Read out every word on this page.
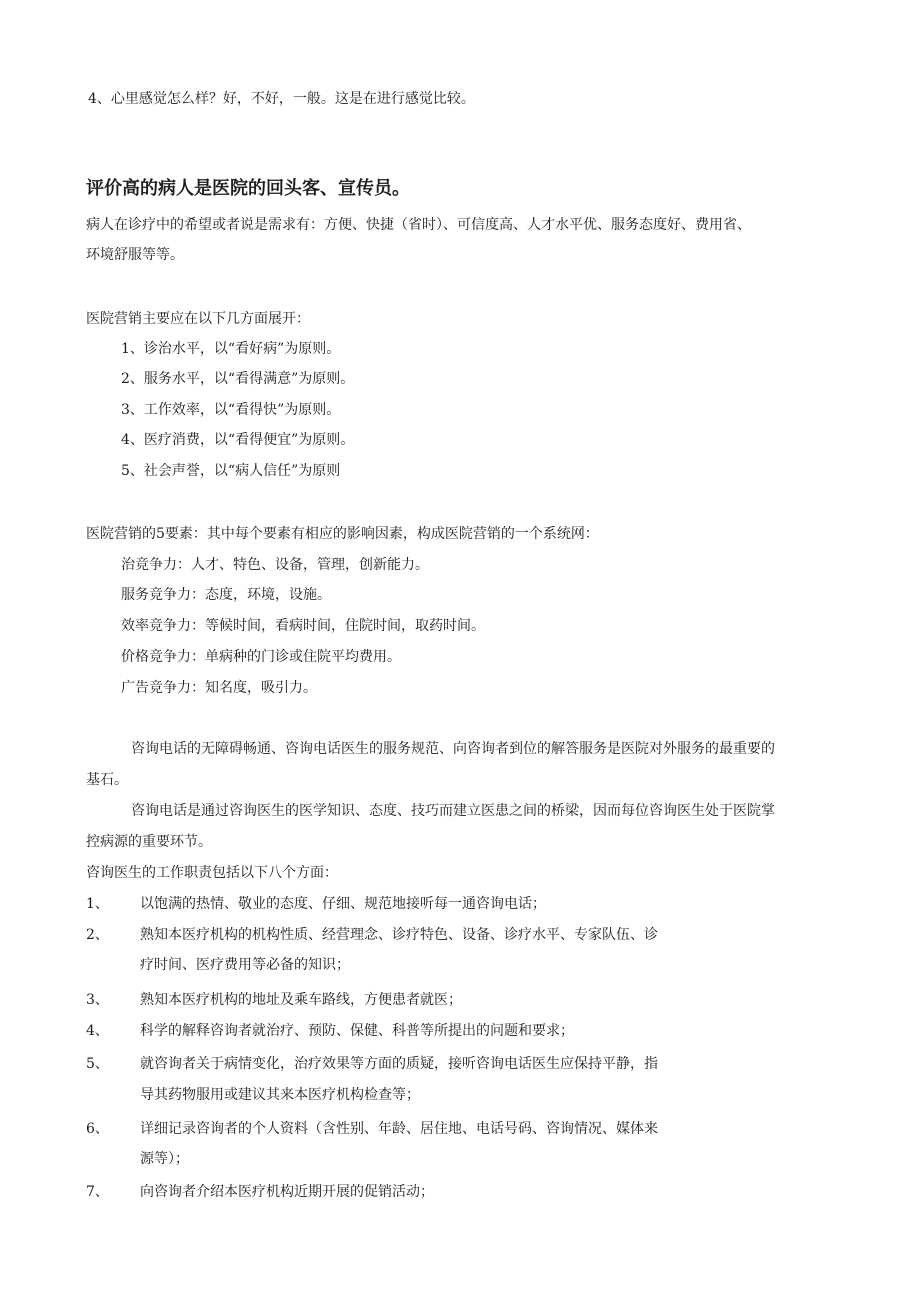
4、心里感觉怎么样？好，不好，一般。这是在进行感觉比较。
评价高的病人是医院的回头客、宣传员。
病人在诊疗中的希望或者说是需求有：方便、快捷（省时）、可信度高、人才水平优、服务态度好、费用省、
环境舒服等等。
医院营销主要应在以下几方面展开：
1、诊治水平，以“看好病”为原则。
2、服务水平，以“看得满意”为原则。
3、工作效率，以“看得快”为原则。
4、医疗消费，以“看得便宜”为原则。
5、社会声誉，以“病人信任”为原则
医院营销的5要素：其中每个要素有相应的影响因素，构成医院营销的一个系统网：
治竞争力：人才、特色、设备，管理，创新能力。
服务竞争力：态度，环境，设施。
效率竞争力：等候时间，看病时间，住院时间，取药时间。
价格竞争力：单病种的门诊或住院平均费用。
广告竞争力：知名度，吸引力。
咨询电话的无障碍畅通、咨询电话医生的服务规范、向咨询者到位的解答服务是医院对外服务的最重要的
基石。
咨询电话是通过咨询医生的医学知识、态度、技巧而建立医患之间的桥梁，因而每位咨询医生处于医院掌
控病源的重要环节。
咨询医生的工作职责包括以下八个方面：
1、 以饱满的热情、敬业的态度、仔细、规范地接听每一通咨询电话；
2、 熟知本医疗机构的机构性质、经营理念、诊疗特色、设备、诊疗水平、专家队伍、诊
疗时间、医疗费用等必备的知识；
3、 熟知本医疗机构的地址及乘车路线，方便患者就医；
4、 科学的解释咨询者就治疗、预防、保健、科普等所提出的问题和要求；
5、 就咨询者关于病情变化，治疗效果等方面的质疑，接听咨询电话医生应保持平静，指
导其药物服用或建议其来本医疗机构检查等；
6、 详细记录咨询者的个人资料（含性别、年龄、居住地、电话号码、咨询情况、媒体来
源等）；
7、 向咨询者介绍本医疗机构近期开展的促销活动；
